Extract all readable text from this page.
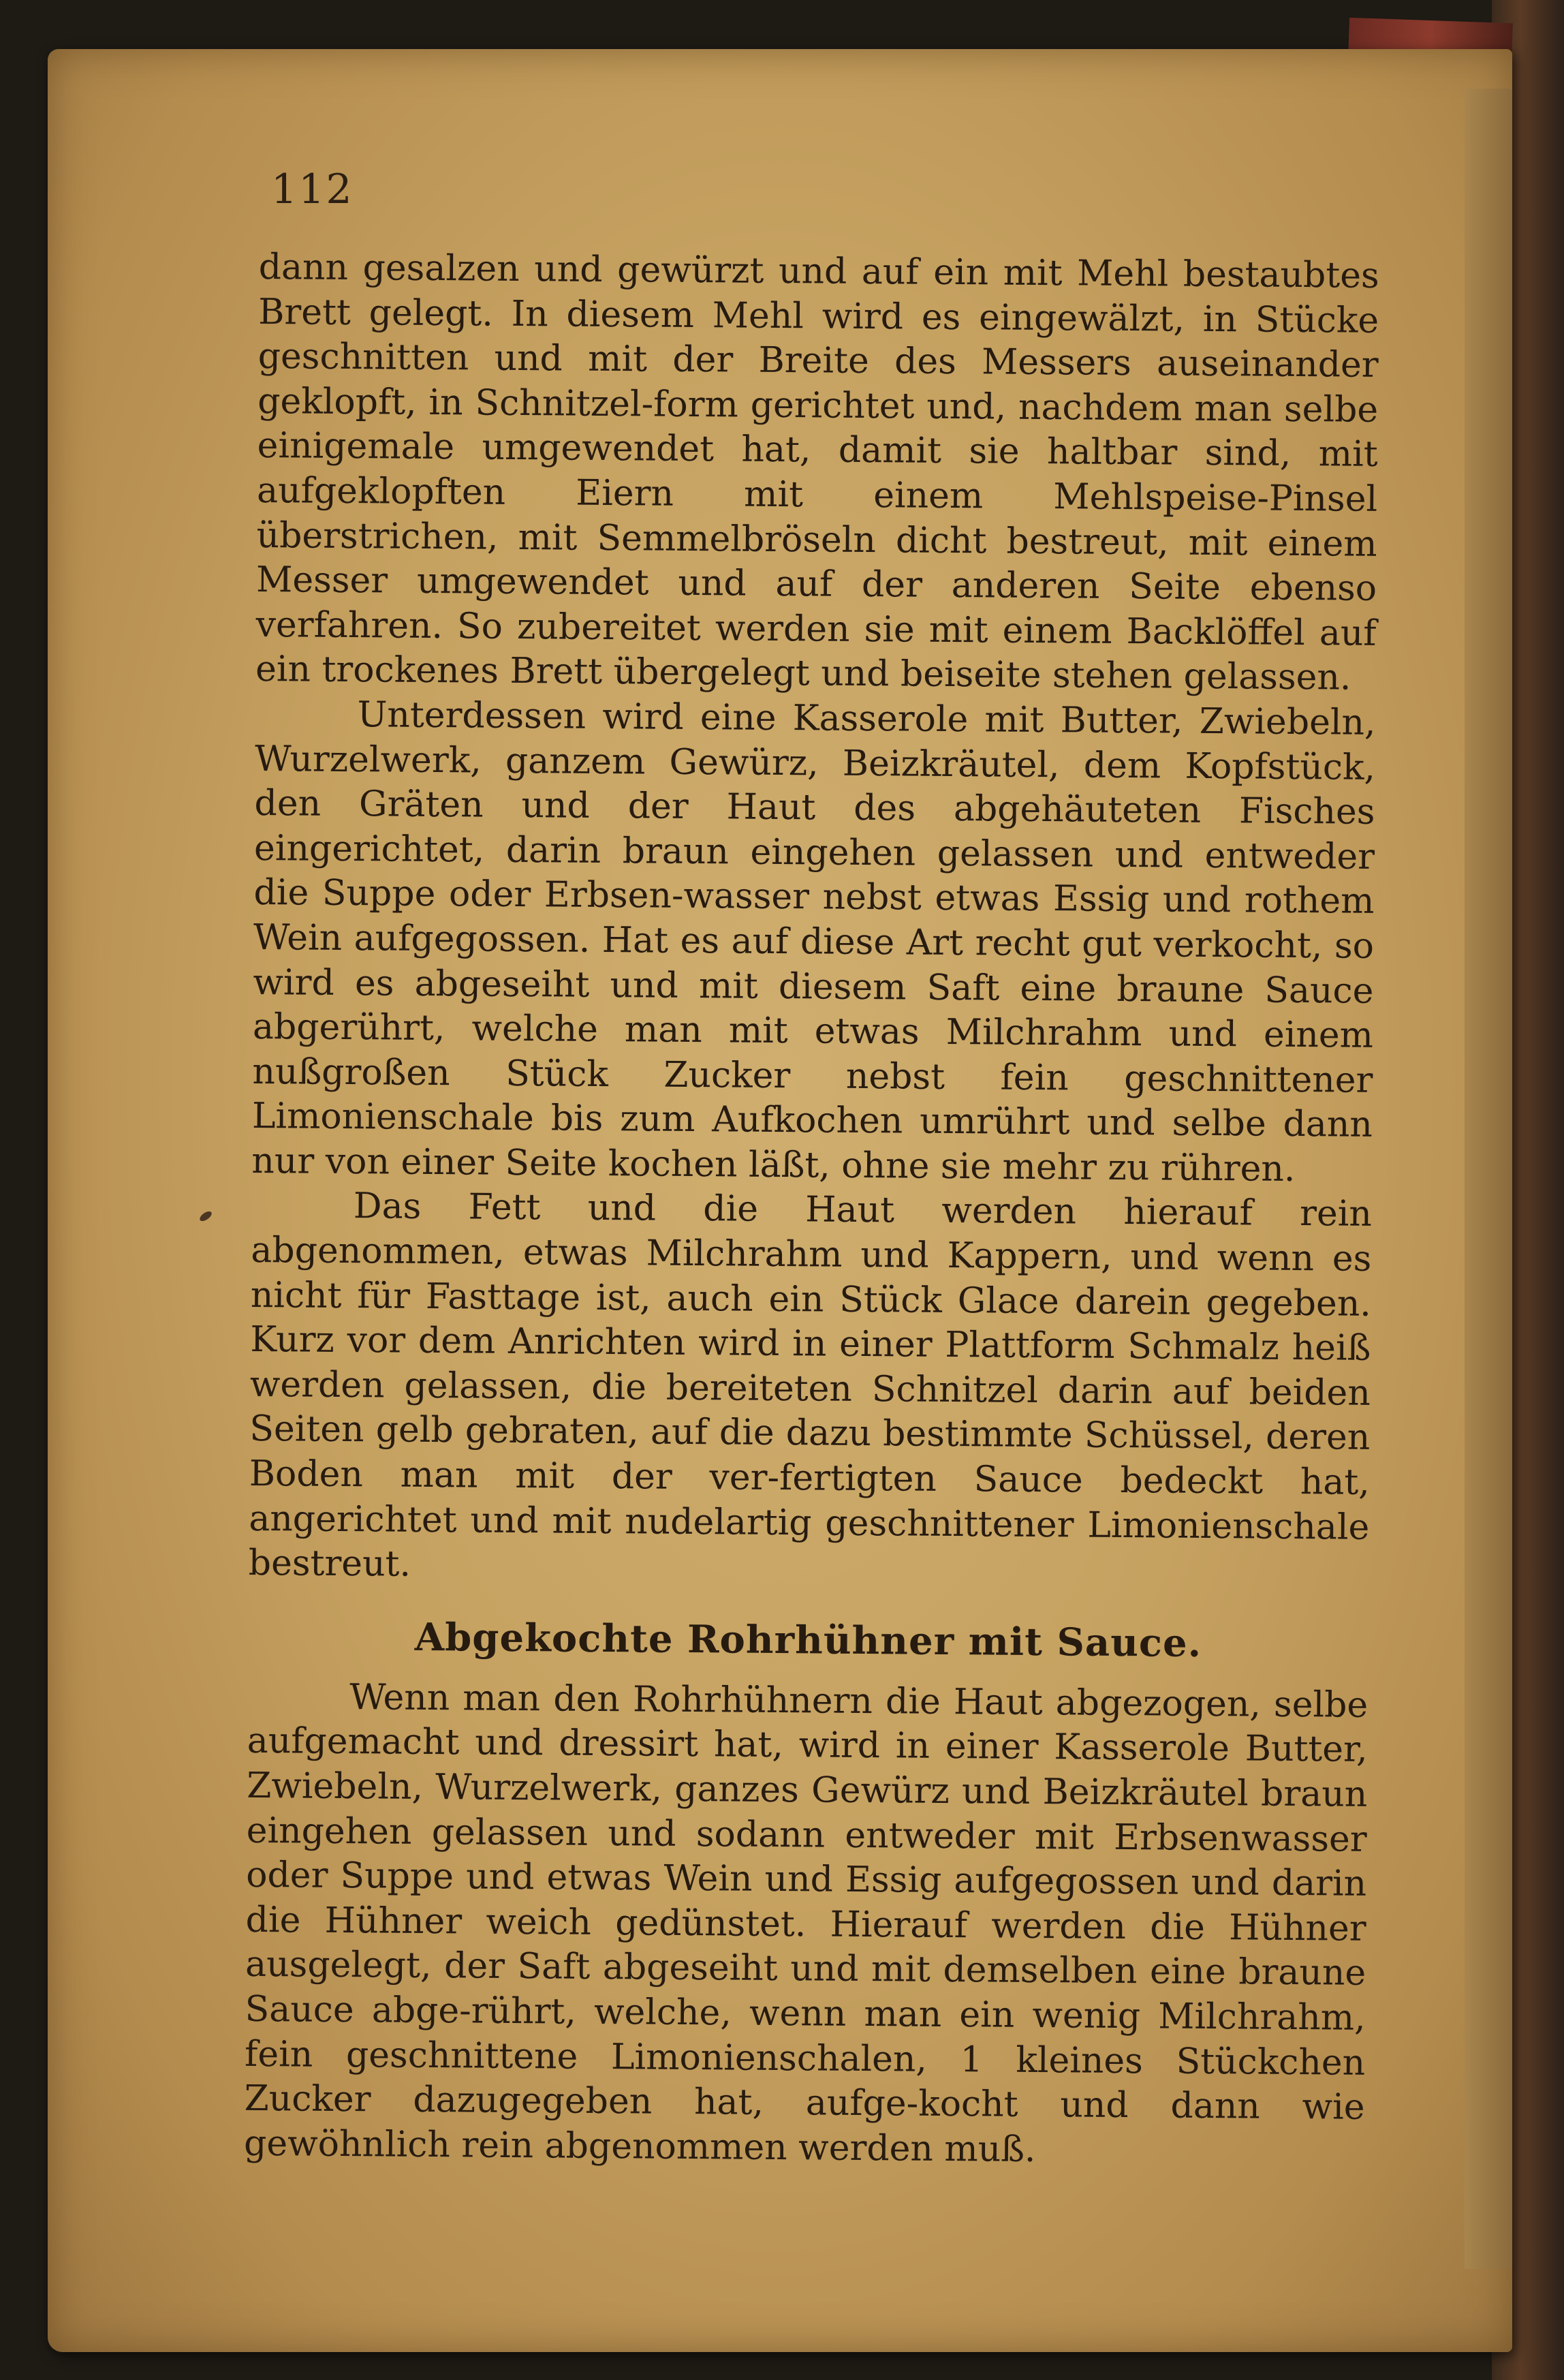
112

dann gesalzen und gewürzt und auf ein mit Mehl bestaubtes Brett gelegt. In diesem Mehl wird es eingewälzt, in Stücke geschnitten und mit der Breite des Messers auseinander geklopft, in Schnitzel-form gerichtet und, nachdem man selbe einigemale umgewendet hat, damit sie haltbar sind, mit aufgeklopften Eiern mit einem Mehlspeise-Pinsel überstrichen, mit Semmelbröseln dicht bestreut, mit einem Messer umgewendet und auf der anderen Seite ebenso verfahren. So zubereitet werden sie mit einem Backlöffel auf ein trockenes Brett übergelegt und beiseite stehen gelassen.

Unterdessen wird eine Kasserole mit Butter, Zwiebeln, Wurzelwerk, ganzem Gewürz, Beizkräutel, dem Kopfstück, den Gräten und der Haut des abgehäuteten Fisches eingerichtet, darin braun eingehen gelassen und entweder die Suppe oder Erbsen-wasser nebst etwas Essig und rothem Wein aufgegossen. Hat es auf diese Art recht gut verkocht, so wird es abgeseiht und mit diesem Saft eine braune Sauce abgerührt, welche man mit etwas Milchrahm und einem nußgroßen Stück Zucker nebst fein geschnittener Limonienschale bis zum Aufkochen umrührt und selbe dann nur von einer Seite kochen läßt, ohne sie mehr zu rühren.

Das Fett und die Haut werden hierauf rein abgenommen, etwas Milchrahm und Kappern, und wenn es nicht für Fasttage ist, auch ein Stück Glace darein gegeben. Kurz vor dem Anrichten wird in einer Plattform Schmalz heiß werden gelassen, die bereiteten Schnitzel darin auf beiden Seiten gelb gebraten, auf die dazu bestimmte Schüssel, deren Boden man mit der ver-fertigten Sauce bedeckt hat, angerichtet und mit nudelartig geschnittener Limonienschale bestreut.

Abgekochte Rohrhühner mit Sauce.

Wenn man den Rohrhühnern die Haut abgezogen, selbe aufgemacht und dressirt hat, wird in einer Kasserole Butter, Zwiebeln, Wurzelwerk, ganzes Gewürz und Beizkräutel braun eingehen gelassen und sodann entweder mit Erbsenwasser oder Suppe und etwas Wein und Essig aufgegossen und darin die Hühner weich gedünstet. Hierauf werden die Hühner ausgelegt, der Saft abgeseiht und mit demselben eine braune Sauce abge-rührt, welche, wenn man ein wenig Milchrahm, fein geschnittene Limonienschalen, 1 kleines Stückchen Zucker dazugegeben hat, aufge-kocht und dann wie gewöhnlich rein abgenommen werden muß.
